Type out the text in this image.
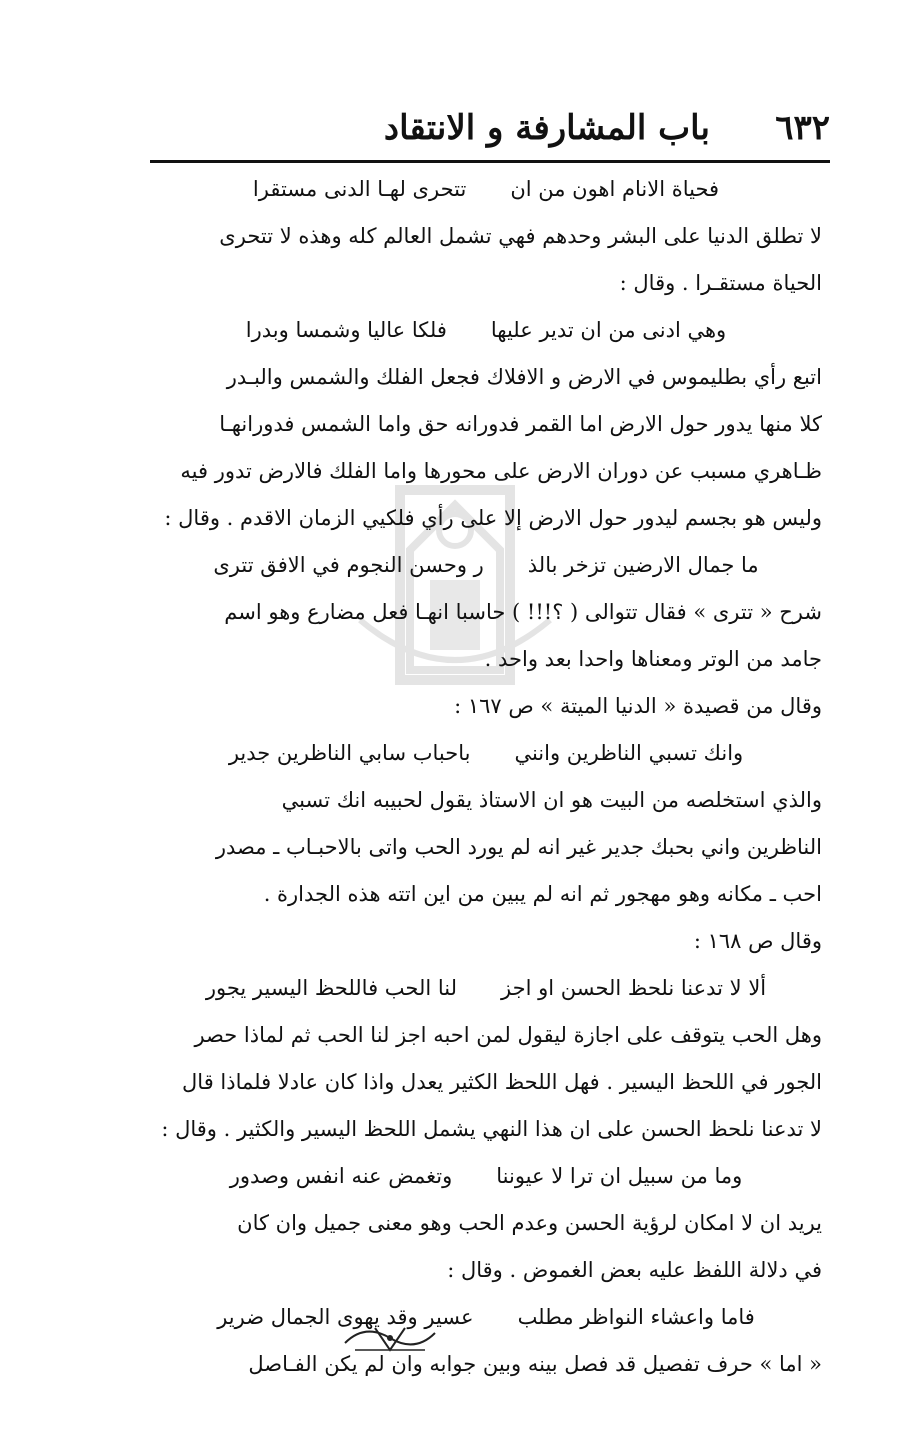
٦٣٢
باب المشارفة و الانتقاد
فحياة الانام اهون من ان
تتحرى لهـا الدنى مستقرا
لا تطلق الدنيا على البشر وحدهم فهي تشمل العالم كله وهذه لا تتحرى
الحياة مستقـرا . وقال :
وهي ادنى من ان تدير عليها
فلكا عاليا وشمسا وبدرا
اتبع رأي بطليموس في الارض و الافلاك فجعل الفلك والشمس والبـدر
كلا منها يدور حول الارض اما القمر فدورانه حق واما الشمس فدورانهـا
ظـاهري مسبب عن دوران الارض على محورها واما الفلك فالارض تدور فيه
وليس هو بجسم ليدور حول الارض إلا على رأي فلكيي الزمان الاقدم . وقال :
ما جمال الارضين تزخر بالذ
ر وحسن النجوم في الافق تترى
شرح « تترى » فقال تتوالى ( ؟!!! ) حاسبا انهـا فعل مضارع وهو اسم
جامد من الوتر ومعناها واحدا بعد واحد .
وقال من قصيدة « الدنيا الميتة » ص ١٦٧ :
وانك تسبي الناظرين وانني
باحباب سابي الناظرين جدير
والذي استخلصه من البيت هو ان الاستاذ يقول لحبيبه انك تسبي
الناظرين واني بحبك جدير غير انه لم يورد الحب واتى بالاحبـاب ـ مصدر
احب ـ مكانه وهو مهجور ثم انه لم يبين من اين اتته هذه الجدارة .
وقال ص ١٦٨ :
ألا لا تدعنا نلحظ الحسن او اجز
لنا الحب فاللحظ اليسير يجور
وهل الحب يتوقف على اجازة ليقول لمن احبه اجز لنا الحب ثم لماذا حصر
الجور في اللحظ اليسير . فهل اللحظ الكثير يعدل واذا كان عادلا فلماذا قال
لا تدعنا نلحظ الحسن على ان هذا النهي يشمل اللحظ اليسير والكثير . وقال :
وما من سبيل ان ترا لا عيوننا
وتغمض عنه انفس وصدور
يريد ان لا امكان لرؤية الحسن وعدم الحب وهو معنى جميل وان كان
في دلالة اللفظ عليه بعض الغموض . وقال :
فاما واعشاء النواظر مطلب
عسير وقد يهوى الجمال ضرير
« اما » حرف تفصيل قد فصل بينه وبين جوابه وان لم يكن الفـاصل
